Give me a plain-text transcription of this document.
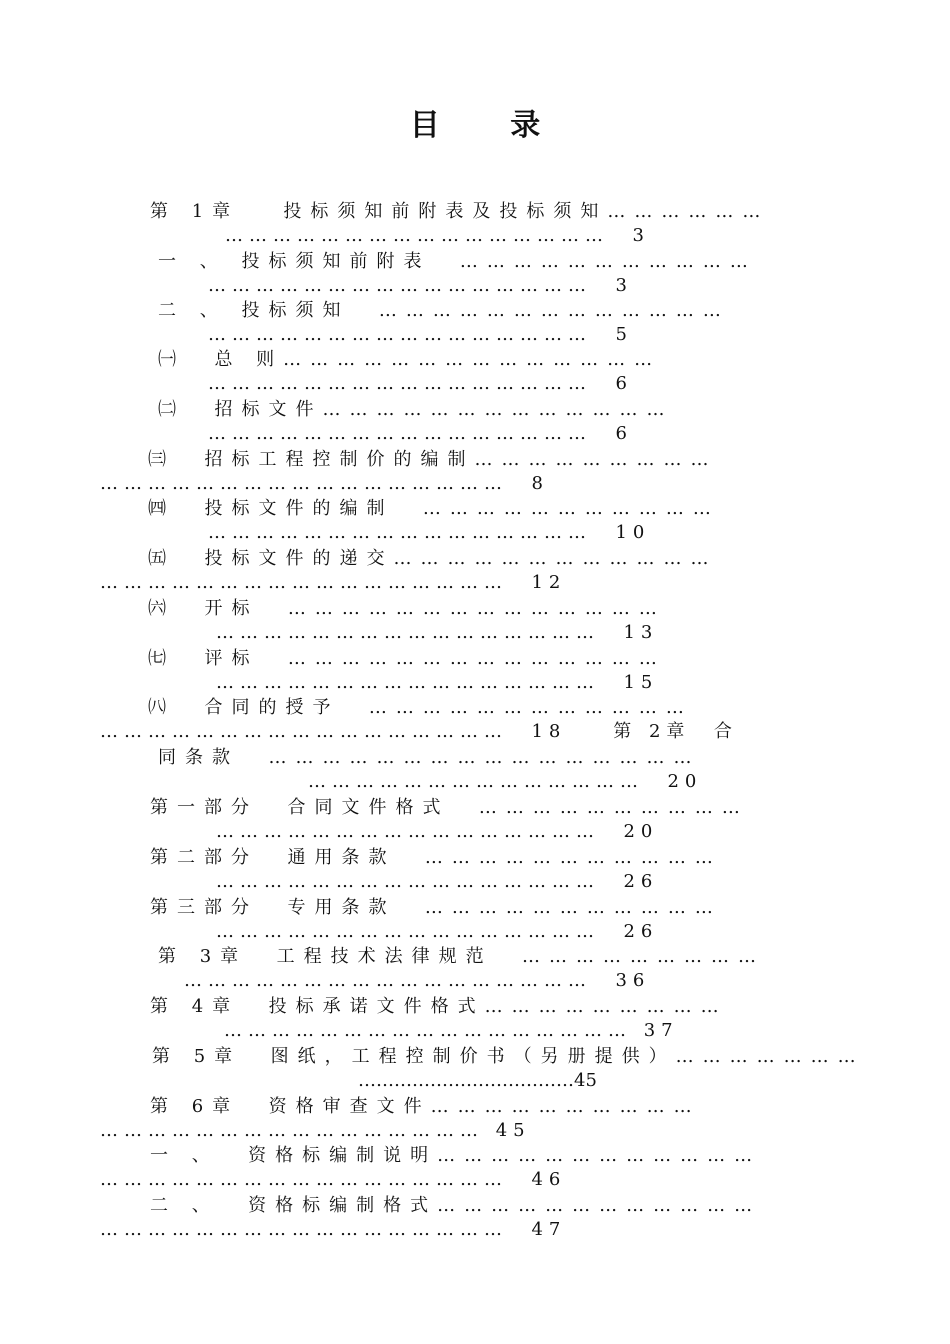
目 录
第 1章   投标须知前附表及投标须知………………
…………………………………………  3
一 、 投标须知前附表  ……………………………
…………………………………………  3
二 、 投标须知  …………………………………
…………………………………………  5
㈠  总 则……………………………………
…………………………………………  6
㈡  招标文件…………………………………
…………………………………………  6
㈢  招标工程控制价的编制………………………
……………………………………………  8
㈣  投标文件的编制  ……………………………
…………………………………………  10
㈤  投标文件的递交………………………………
……………………………………………  12
㈥  开标  ……………………………………
…………………………………………  13
㈦  评标  ……………………………………
…………………………………………  15
㈧  合同的授予  ………………………………
……………………………………………  18    第 2章  合
同条款  …………………………………………
……………………………………  20
第一部分  合同文件格式  …………………………
…………………………………………  20
第二部分  通用条款  ……………………………
…………………………………………  26
第三部分  专用条款  ……………………………
…………………………………………  26
第 3章  工程技术法律规范  ………………………
……………………………………………  36
第 4章  投标承诺文件格式………………………
…………………………………………… 37
第 5章  图纸，工程控制价书（另册提供）…………………
………………………………45
第 6章  资格审查文件…………………………
………………………………………… 45
一 、  资格标编制说明………………………………
……………………………………………  46
二 、  资格标编制格式………………………………
……………………………………………  47
